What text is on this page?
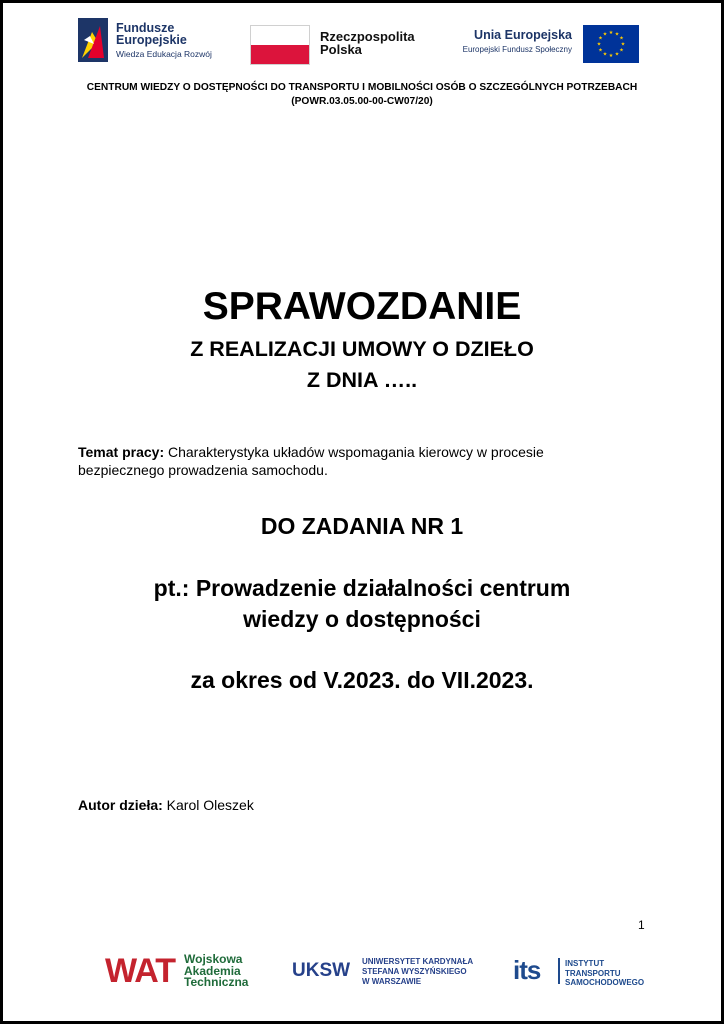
Fundusze
Europejskie
Wiedza Edukacja Rozwój
Rzeczpospolita
Polska
Unia Europejska
Europejski Fundusz Społeczny
★ ★
★
★
★
★
★
★
★
★
★
★
CENTRUM WIEDZY O DOSTĘPNOŚCI DO TRANSPORTU I MOBILNOŚCI OSÓB O SZCZEGÓLNYCH POTRZEBACH
(POWR.03.05.00-00-CW07/20)
SPRAWOZDANIE
Z REALIZACJI UMOWY O DZIEŁO
Z DNIA …..
Temat pracy: Charakterystyka układów wspomagania kierowcy w procesie bezpiecznego prowadzenia samochodu.
DO ZADANIA NR 1
pt.: Prowadzenie działalności centrum
wiedzy o dostępności
za okres od V.2023. do VII.2023.
Autor dzieła: Karol Oleszek
1
WAT Wojskowa
Akademia
Techniczna
UKSW UNIWERSYTET KARDYNAŁA
STEFANA WYSZYŃSKIEGO
W WARSZAWIE	its	INSTYTUT
TRANSPORTU
SAMOCHODOWEGO
